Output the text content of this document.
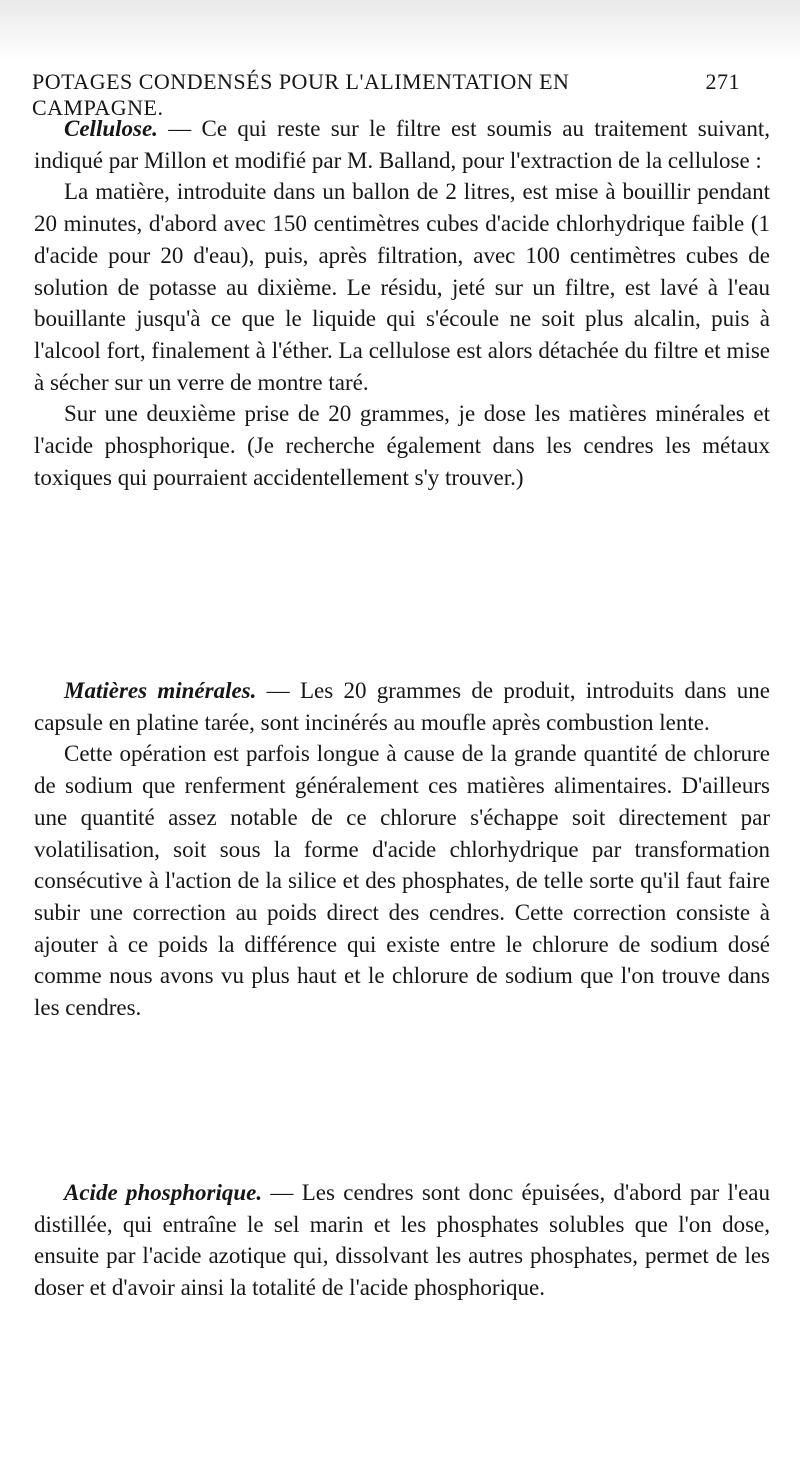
POTAGES CONDENSÉS POUR L'ALIMENTATION EN CAMPAGNE.
271

Cellulose. — Ce qui reste sur le filtre est soumis au traitement suivant, indiqué par Millon et modifié par M. Balland, pour l'extraction de la cellulose :

La matière, introduite dans un ballon de 2 litres, est mise à bouillir pendant 20 minutes, d'abord avec 150 centimètres cubes d'acide chlorhydrique faible (1 d'acide pour 20 d'eau), puis, après filtration, avec 100 centimètres cubes de solution de potasse au dixième. Le résidu, jeté sur un filtre, est lavé à l'eau bouillante jusqu'à ce que le liquide qui s'écoule ne soit plus alcalin, puis à l'alcool fort, finalement à l'éther. La cellulose est alors détachée du filtre et mise à sécher sur un verre de montre taré.

Sur une deuxième prise de 20 grammes, je dose les matières minérales et l'acide phosphorique. (Je recherche également dans les cendres les métaux toxiques qui pourraient accidentellement s'y trouver.)

Matières minérales. — Les 20 grammes de produit, introduits dans une capsule en platine tarée, sont incinérés au moufle après combustion lente.

Cette opération est parfois longue à cause de la grande quantité de chlorure de sodium que renferment généralement ces matières alimentaires. D'ailleurs une quantité assez notable de ce chlorure s'échappe soit directement par volatilisation, soit sous la forme d'acide chlorhydrique par transformation consécutive à l'action de la silice et des phosphates, de telle sorte qu'il faut faire subir une correction au poids direct des cendres. Cette correction consiste à ajouter à ce poids la différence qui existe entre le chlorure de sodium dosé comme nous avons vu plus haut et le chlorure de sodium que l'on trouve dans les cendres.

Acide phosphorique. — Les cendres sont donc épuisées, d'abord par l'eau distillée, qui entraîne le sel marin et les phosphates solubles que l'on dose, ensuite par l'acide azotique qui, dissolvant les autres phosphates, permet de les doser et d'avoir ainsi la totalité de l'acide phosphorique.
